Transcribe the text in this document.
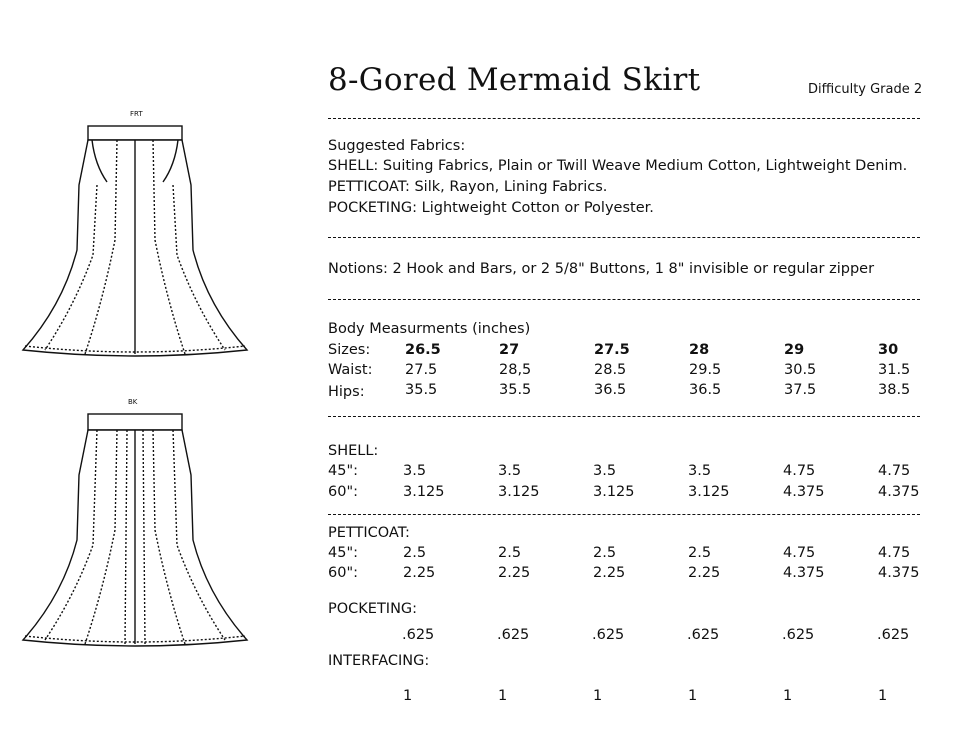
FRT
BK
8-Gored Mermaid Skirt	Difficulty Grade 2
Suggested Fabrics:
SHELL: Suiting Fabrics, Plain or Twill Weave Medium Cotton, Lightweight Denim.
PETTICOAT: Silk, Rayon, Lining Fabrics.
POCKETING: Lightweight Cotton or Polyester.
Notions: 2 Hook and Bars, or 2 5/8" Buttons, 1 8" invisible or regular zipper
Body Measurments (inches)
Sizes: 26.5	27	27.5	28	29	30
Waist: 27.5	28,5	28.5	29.5	30.5	31.5
Hips:	35.5	35.5	36.5	36.5	37.5	38.5
SHELL:
45":	3.5	3.5	3.5	3.5	4.75	4.75
60":	3.125	3.125	3.125	3.125	4.375	4.375
PETTICOAT:
45":	2.5	2.5	2.5	2.5	4.75	4.75
60":	2.25	2.25	2.25	2.25	4.375	4.375
POCKETING:
.625	.625	.625	.625	.625	.625
INTERFACING:
1	1	1	1	1	1
